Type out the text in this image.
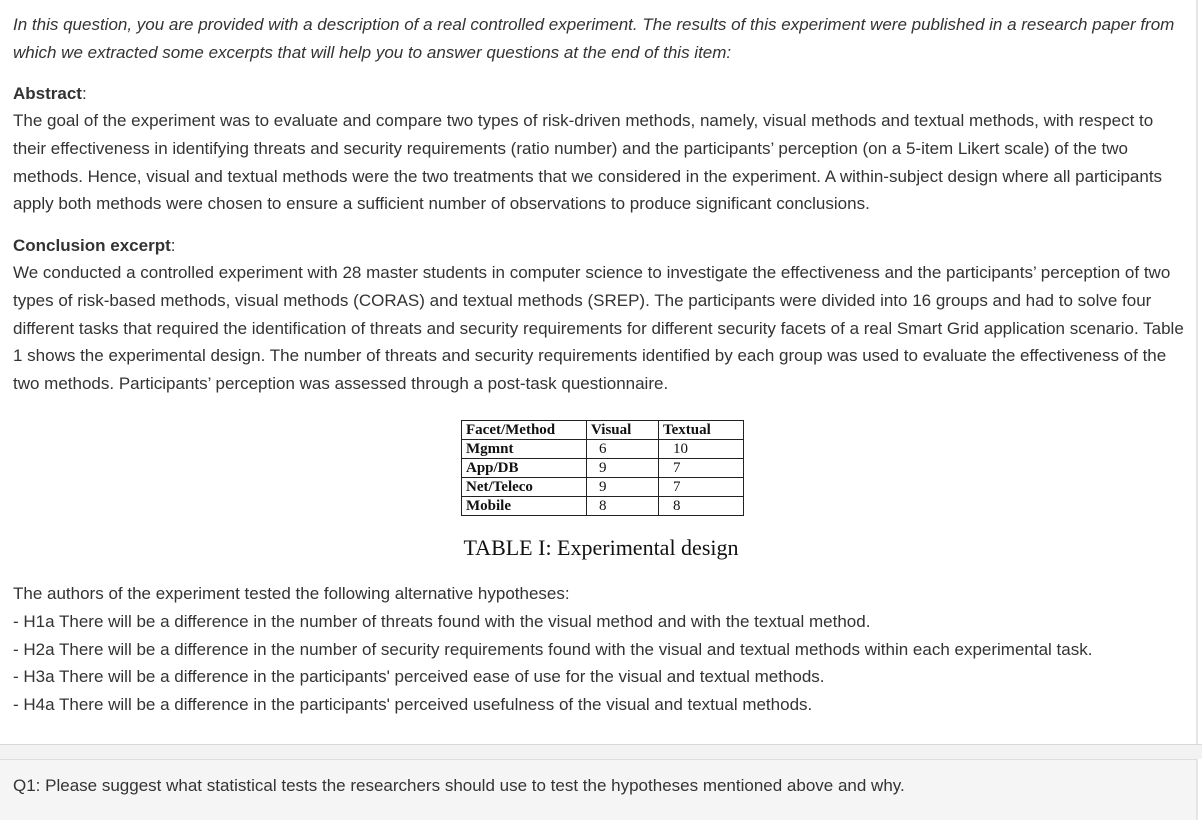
In this question, you are provided with a description of a real controlled experiment. The results of this experiment were published in a research paper from which we extracted some excerpts that will help you to answer questions at the end of this item:
Abstract:
The goal of the experiment was to evaluate and compare two types of risk-driven methods, namely, visual methods and textual methods, with respect to their effectiveness in identifying threats and security requirements (ratio number) and the participants’ perception (on a 5-item Likert scale) of the two methods. Hence, visual and textual methods were the two treatments that we considered in the experiment. A within-subject design where all participants apply both methods were chosen to ensure a sufficient number of observations to produce significant conclusions.
Conclusion excerpt:
We conducted a controlled experiment with 28 master students in computer science to investigate the effectiveness and the participants’ perception of two types of risk-based methods, visual methods (CORAS) and textual methods (SREP). The participants were divided into 16 groups and had to solve four different tasks that required the identification of threats and security requirements for different security facets of a real Smart Grid application scenario. Table 1 shows the experimental design. The number of threats and security requirements identified by each group was used to evaluate the effectiveness of the two methods. Participants’ perception was assessed through a post-task questionnaire.
Facet/Method	Visual	Textual
Mgmnt	6	10
App/DB	9	7
Net/Teleco	9	7
Mobile	8	8
TABLE I: Experimental design
The authors of the experiment tested the following alternative hypotheses:
- H1a There will be a difference in the number of threats found with the visual method and with the textual method.
- H2a There will be a difference in the number of security requirements found with the visual and textual methods within each experimental task.
- H3a There will be a difference in the participants' perceived ease of use for the visual and textual methods.
- H4a There will be a difference in the participants' perceived usefulness of the visual and textual methods.
Q1: Please suggest what statistical tests the researchers should use to test the hypotheses mentioned above and why.
